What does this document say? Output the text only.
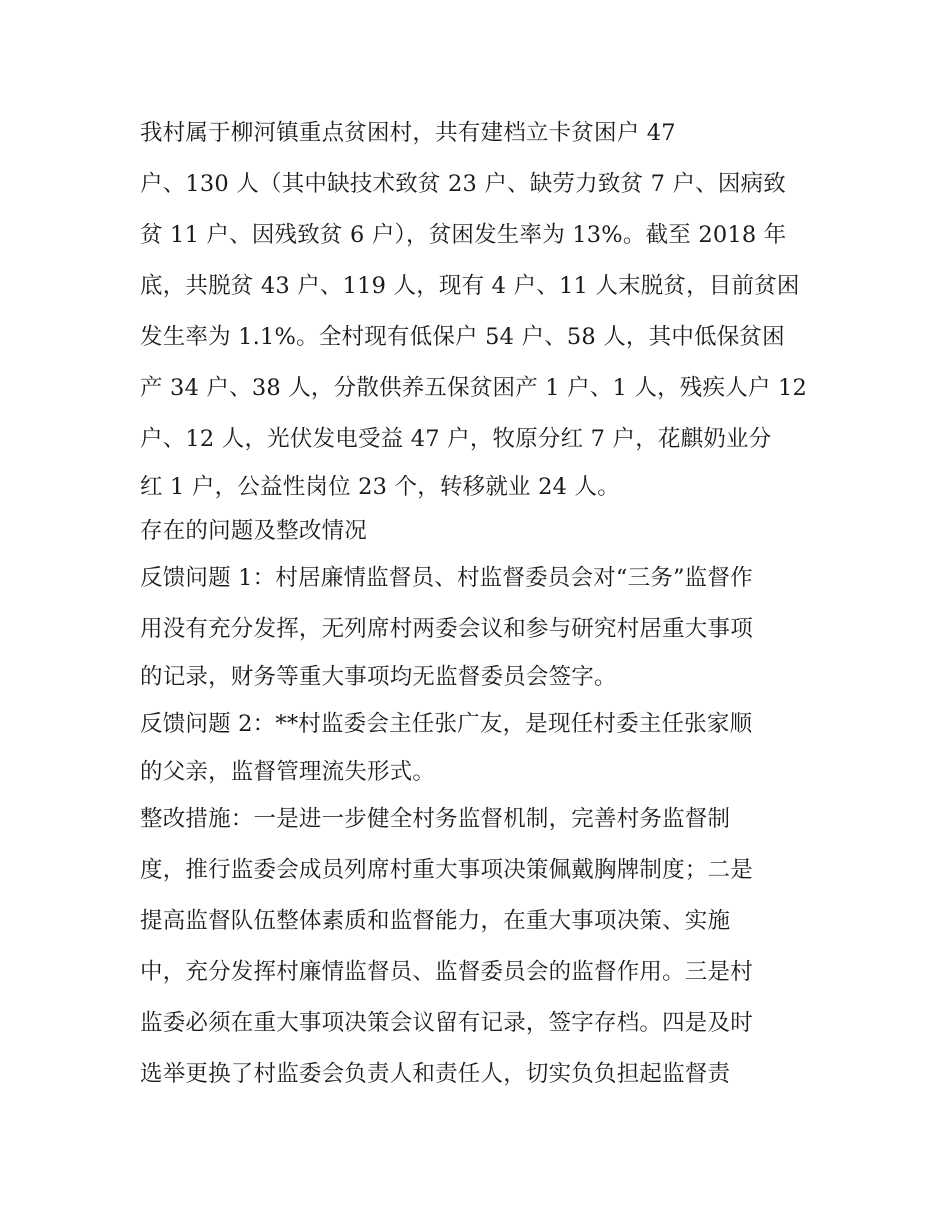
我村属于柳河镇重点贫困村，共有建档立卡贫困户 47
户、130 人（其中缺技术致贫 23 户、缺劳力致贫 7 户、因病致
贫 11 户、因残致贫 6 户），贫困发生率为 13%。截至 2018 年
底，共脱贫 43 户、119 人，现有 4 户、11 人末脱贫，目前贫困
发生率为 1.1%。全村现有低保户 54 户、58 人，其中低保贫困
产 34 户、38 人，分散供养五保贫困产 1 户、1 人，残疾人户 12
户、12 人，光伏发电受益 47 户，牧原分红 7 户，花麒奶业分
红 1 户，公益性岗位 23 个，转移就业 24 人。
存在的问题及整改情况
反馈问题 1：村居廉情监督员、村监督委员会对“三务”监督作
用没有充分发挥，无列席村两委会议和参与研究村居重大事项
的记录，财务等重大事项均无监督委员会签字。
反馈问题 2：**村监委会主任张广友，是现任村委主任张家顺
的父亲，监督管理流失形式。
整改措施：一是进一步健全村务监督机制，完善村务监督制
度，推行监委会成员列席村重大事项决策佩戴胸牌制度；二是
提高监督队伍整体素质和监督能力，在重大事项决策、实施
中，充分发挥村廉情监督员、监督委员会的监督作用。三是村
监委必须在重大事项决策会议留有记录，签字存档。四是及时
选举更换了村监委会负责人和责任人，切实负负担起监督责
